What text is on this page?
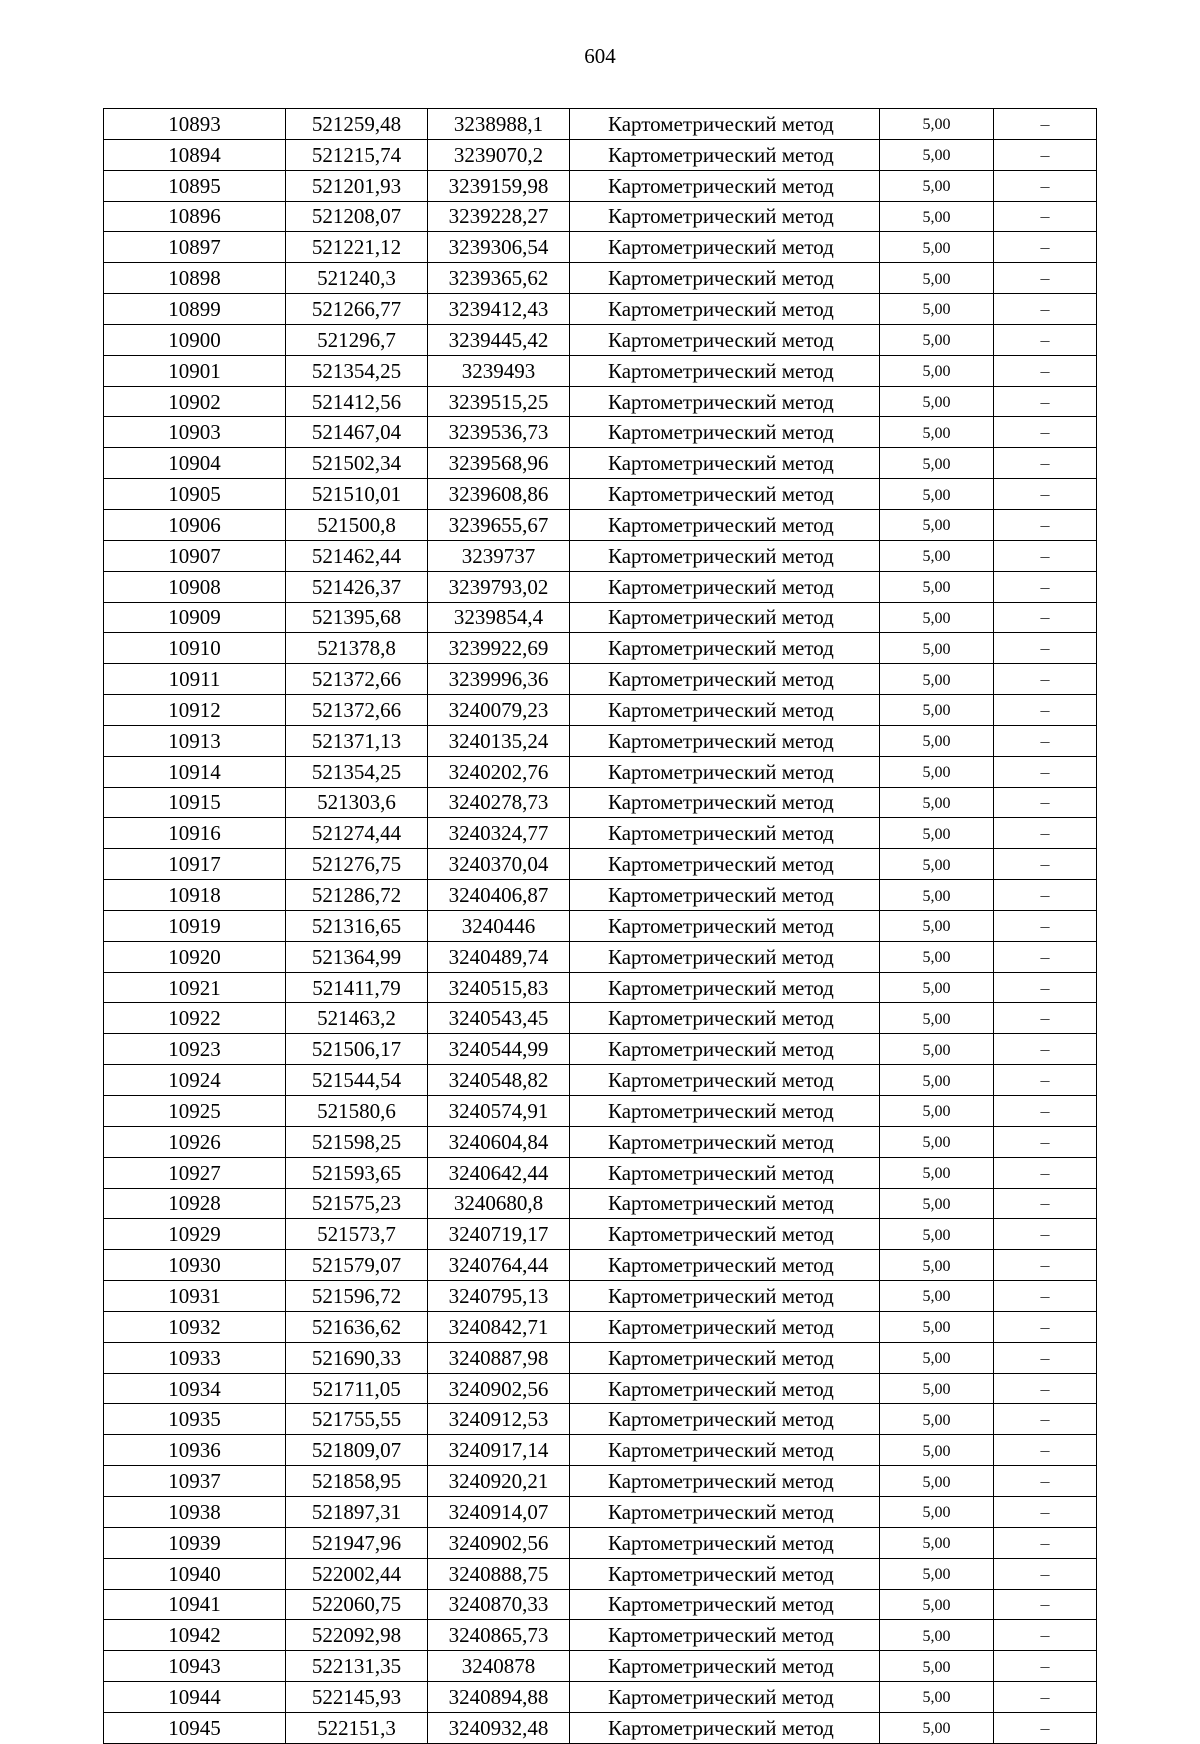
604
10893	521259,48	3238988,1	Картометрический метод	5,00	–
10894	521215,74	3239070,2	Картометрический метод	5,00	–
10895	521201,93	3239159,98	Картометрический метод	5,00	–
10896	521208,07	3239228,27	Картометрический метод	5,00	–
10897	521221,12	3239306,54	Картометрический метод	5,00	–
10898	521240,3	3239365,62	Картометрический метод	5,00	–
10899	521266,77	3239412,43	Картометрический метод	5,00	–
10900	521296,7	3239445,42	Картометрический метод	5,00	–
10901	521354,25	3239493	Картометрический метод	5,00	–
10902	521412,56	3239515,25	Картометрический метод	5,00	–
10903	521467,04	3239536,73	Картометрический метод	5,00	–
10904	521502,34	3239568,96	Картометрический метод	5,00	–
10905	521510,01	3239608,86	Картометрический метод	5,00	–
10906	521500,8	3239655,67	Картометрический метод	5,00	–
10907	521462,44	3239737	Картометрический метод	5,00	–
10908	521426,37	3239793,02	Картометрический метод	5,00	–
10909	521395,68	3239854,4	Картометрический метод	5,00	–
10910	521378,8	3239922,69	Картометрический метод	5,00	–
10911	521372,66	3239996,36	Картометрический метод	5,00	–
10912	521372,66	3240079,23	Картометрический метод	5,00	–
10913	521371,13	3240135,24	Картометрический метод	5,00	–
10914	521354,25	3240202,76	Картометрический метод	5,00	–
10915	521303,6	3240278,73	Картометрический метод	5,00	–
10916	521274,44	3240324,77	Картометрический метод	5,00	–
10917	521276,75	3240370,04	Картометрический метод	5,00	–
10918	521286,72	3240406,87	Картометрический метод	5,00	–
10919	521316,65	3240446	Картометрический метод	5,00	–
10920	521364,99	3240489,74	Картометрический метод	5,00	–
10921	521411,79	3240515,83	Картометрический метод	5,00	–
10922	521463,2	3240543,45	Картометрический метод	5,00	–
10923	521506,17	3240544,99	Картометрический метод	5,00	–
10924	521544,54	3240548,82	Картометрический метод	5,00	–
10925	521580,6	3240574,91	Картометрический метод	5,00	–
10926	521598,25	3240604,84	Картометрический метод	5,00	–
10927	521593,65	3240642,44	Картометрический метод	5,00	–
10928	521575,23	3240680,8	Картометрический метод	5,00	–
10929	521573,7	3240719,17	Картометрический метод	5,00	–
10930	521579,07	3240764,44	Картометрический метод	5,00	–
10931	521596,72	3240795,13	Картометрический метод	5,00	–
10932	521636,62	3240842,71	Картометрический метод	5,00	–
10933	521690,33	3240887,98	Картометрический метод	5,00	–
10934	521711,05	3240902,56	Картометрический метод	5,00	–
10935	521755,55	3240912,53	Картометрический метод	5,00	–
10936	521809,07	3240917,14	Картометрический метод	5,00	–
10937	521858,95	3240920,21	Картометрический метод	5,00	–
10938	521897,31	3240914,07	Картометрический метод	5,00	–
10939	521947,96	3240902,56	Картометрический метод	5,00	–
10940	522002,44	3240888,75	Картометрический метод	5,00	–
10941	522060,75	3240870,33	Картометрический метод	5,00	–
10942	522092,98	3240865,73	Картометрический метод	5,00	–
10943	522131,35	3240878	Картометрический метод	5,00	–
10944	522145,93	3240894,88	Картометрический метод	5,00	–
10945	522151,3	3240932,48	Картометрический метод	5,00	–
